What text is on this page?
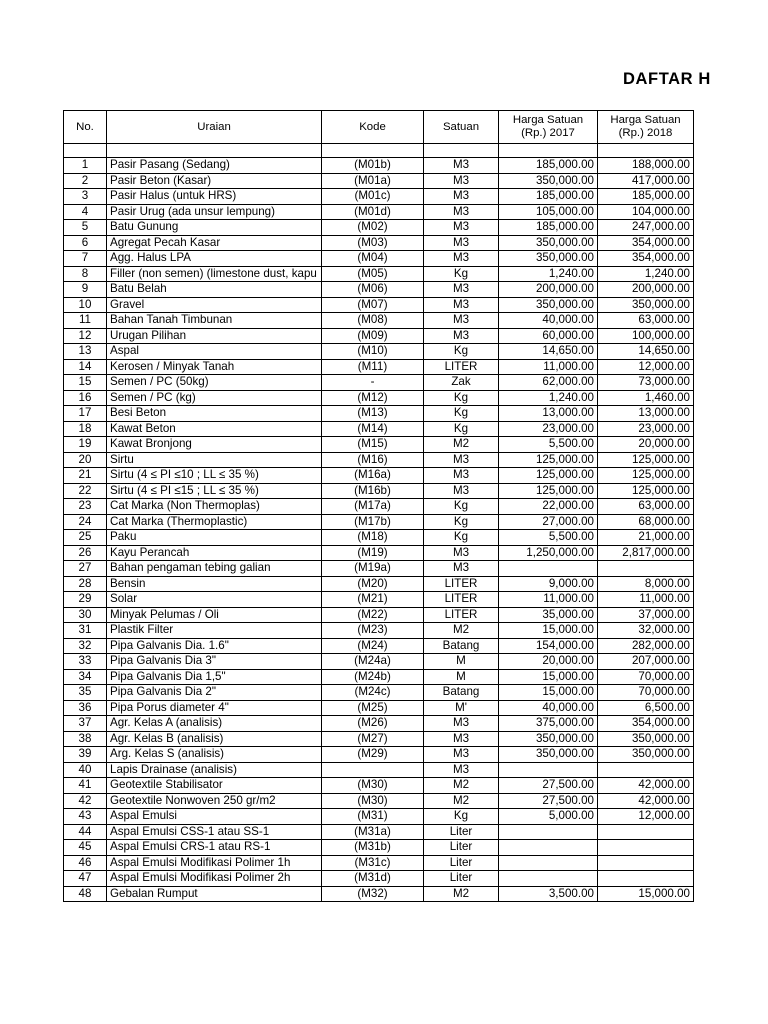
DAFTAR H
No.	Uraian	Kode	Satuan	Harga Satuan (Rp.) 2017	Harga Satuan (Rp.) 2018

1	Pasir Pasang (Sedang)	(M01b)	M3	185,000.00	188,000.00
2	Pasir Beton (Kasar)	(M01a)	M3	350,000.00	417,000.00
3	Pasir Halus (untuk HRS)	(M01c)	M3	185,000.00	185,000.00
4	Pasir Urug (ada unsur lempung)	(M01d)	M3	105,000.00	104,000.00
5	Batu Gunung	(M02)	M3	185,000.00	247,000.00
6	Agregat Pecah Kasar	(M03)	M3	350,000.00	354,000.00
7	Agg. Halus LPA	(M04)	M3	350,000.00	354,000.00
8	Filler (non semen) (limestone dust, kapu	(M05)	Kg	1,240.00	1,240.00
9	Batu Belah	(M06)	M3	200,000.00	200,000.00
10	Gravel	(M07)	M3	350,000.00	350,000.00
11	Bahan Tanah Timbunan	(M08)	M3	40,000.00	63,000.00
12	Urugan Pilihan	(M09)	M3	60,000.00	100,000.00
13	Aspal	(M10)	Kg	14,650.00	14,650.00
14	Kerosen / Minyak Tanah	(M11)	LITER	11,000.00	12,000.00
15	Semen / PC (50kg)	-	Zak	62,000.00	73,000.00
16	Semen / PC (kg)	(M12)	Kg	1,240.00	1,460.00
17	Besi Beton	(M13)	Kg	13,000.00	13,000.00
18	Kawat Beton	(M14)	Kg	23,000.00	23,000.00
19	Kawat Bronjong	(M15)	M2	5,500.00	20,000.00
20	Sirtu	(M16)	M3	125,000.00	125,000.00
21	Sirtu (4 ≤ PI ≤10 ; LL ≤ 35 %)	(M16a)	M3	125,000.00	125,000.00
22	Sirtu (4 ≤ PI ≤15 ; LL ≤ 35 %)	(M16b)	M3	125,000.00	125,000.00
23	Cat Marka (Non Thermoplas)	(M17a)	Kg	22,000.00	63,000.00
24	Cat Marka (Thermoplastic)	(M17b)	Kg	27,000.00	68,000.00
25	Paku	(M18)	Kg	5,500.00	21,000.00
26	Kayu Perancah	(M19)	M3	1,250,000.00	2,817,000.00
27	Bahan pengaman tebing galian	(M19a)	M3		
28	Bensin	(M20)	LITER	9,000.00	8,000.00
29	Solar	(M21)	LITER	11,000.00	11,000.00
30	Minyak Pelumas / Oli	(M22)	LITER	35,000.00	37,000.00
31	Plastik Filter	(M23)	M2	15,000.00	32,000.00
32	Pipa Galvanis Dia. 1.6"	(M24)	Batang	154,000.00	282,000.00
33	Pipa Galvanis Dia 3"	(M24a)	M	20,000.00	207,000.00
34	Pipa Galvanis Dia 1,5"	(M24b)	M	15,000.00	70,000.00
35	Pipa Galvanis Dia 2"	(M24c)	Batang	15,000.00	70,000.00
36	Pipa Porus diameter 4"	(M25)	M'	40,000.00	6,500.00
37	Agr. Kelas A (analisis)	(M26)	M3	375,000.00	354,000.00
38	Agr. Kelas B (analisis)	(M27)	M3	350,000.00	350,000.00
39	Arg. Kelas S (analisis)	(M29)	M3	350,000.00	350,000.00
40	Lapis Drainase (analisis)		M3		
41	Geotextile Stabilisator	(M30)	M2	27,500.00	42,000.00
42	Geotextile Nonwoven 250 gr/m2	(M30)	M2	27,500.00	42,000.00
43	Aspal Emulsi	(M31)	Kg	5,000.00	12,000.00
44	Aspal Emulsi CSS-1 atau SS-1	(M31a)	Liter		
45	Aspal Emulsi CRS-1 atau RS-1	(M31b)	Liter		
46	Aspal Emulsi Modifikasi Polimer 1h	(M31c)	Liter		
47	Aspal Emulsi Modifikasi Polimer 2h	(M31d)	Liter		
48	Gebalan Rumput	(M32)	M2	3,500.00	15,000.00
